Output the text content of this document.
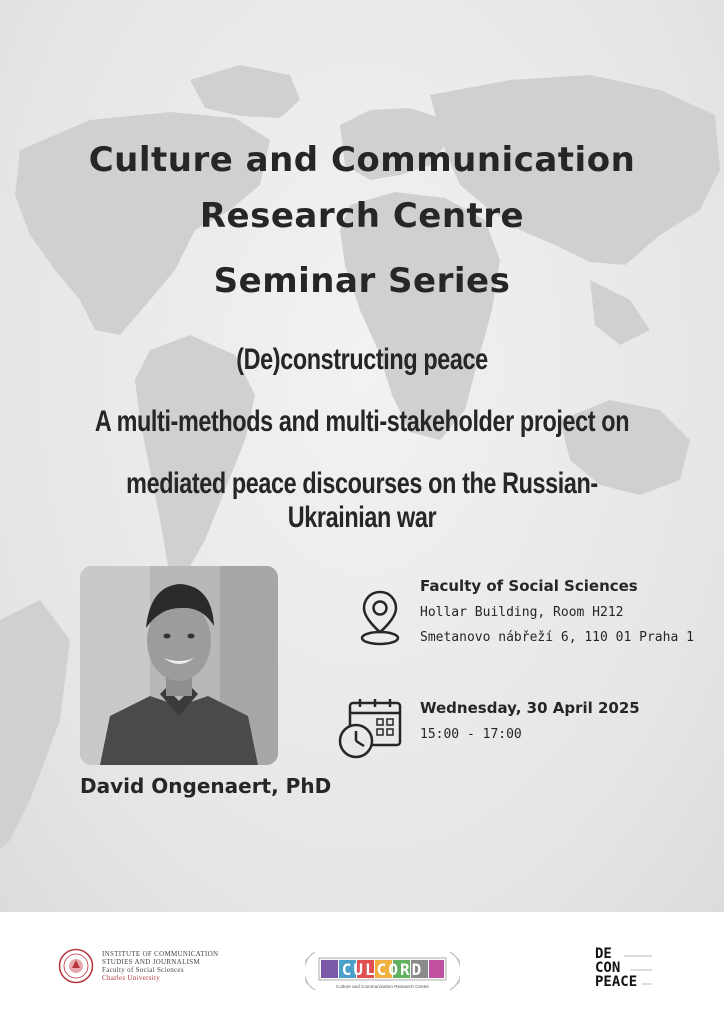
Culture and Communication
Research Centre
Seminar Series
(De)constructing peace
A multi-methods and multi-stakeholder project on
mediated peace discourses on the Russian-Ukrainian war
David Ongenaert, PhD
Faculty of Social Sciences
Hollar Building, Room H212
Smetanovo nábřeží 6, 110 01 Praha 1
Wednesday, 30 April 2025
15:00 - 17:00
INSTITUTE OF COMMUNICATION
STUDIES AND JOURNALISM
Faculty of Social Sciences
Charles University	CULCORD
Culture and Communication Research Centre
DE
CON
PEACE
